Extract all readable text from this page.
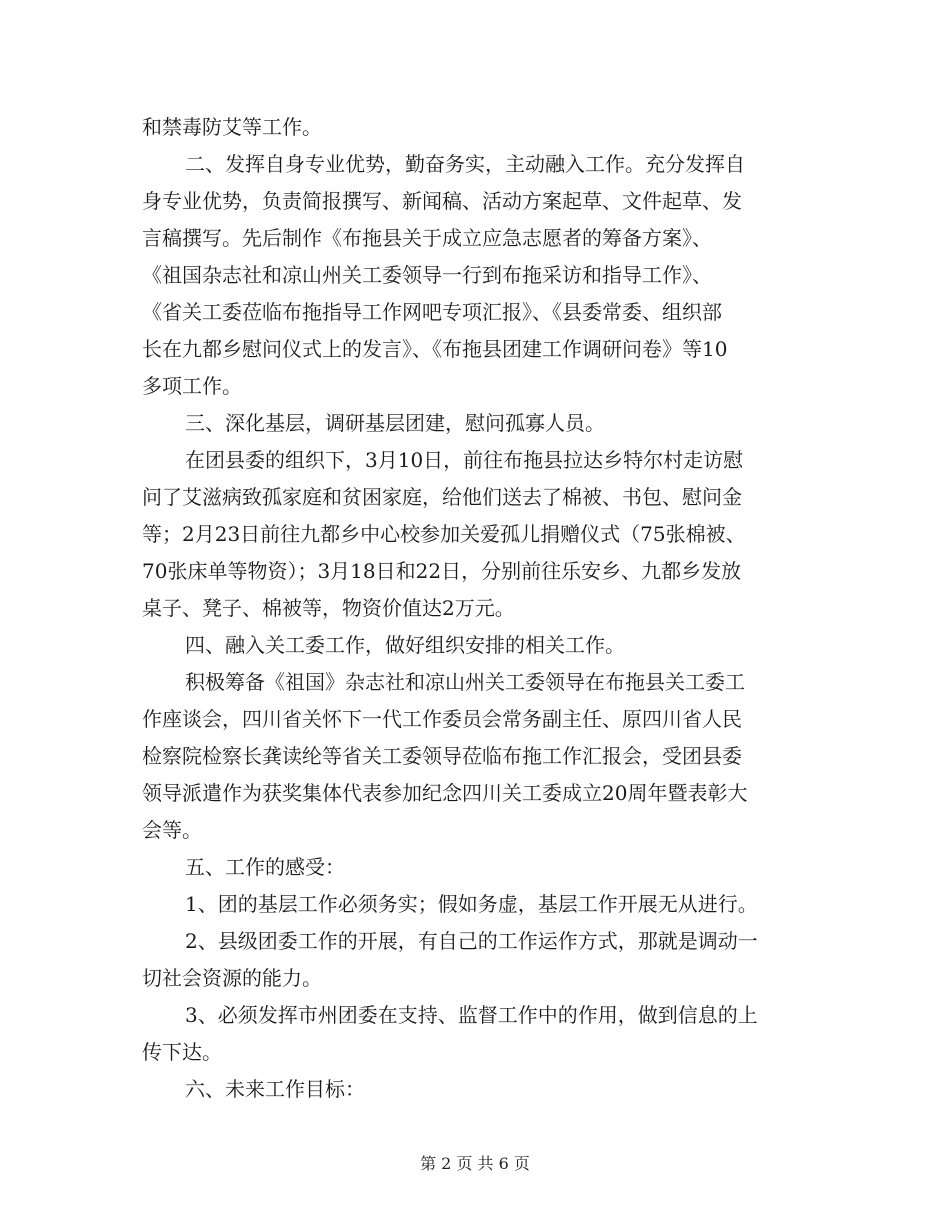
和禁毒防艾等工作。
二、发挥自身专业优势，勤奋务实，主动融入工作。充分发挥自
身专业优势，负责简报撰写、新闻稿、活动方案起草、文件起草、发
言稿撰写。先后制作《布拖县关于成立应急志愿者的筹备方案》、
《祖国杂志社和凉山州关工委领导一行到布拖采访和指导工作》、
《省关工委莅临布拖指导工作网吧专项汇报》、《县委常委、组织部
长在九都乡慰问仪式上的发言》、《布拖县团建工作调研问卷》等10
多项工作。
三、深化基层，调研基层团建，慰问孤寡人员。
在团县委的组织下，3月10日，前往布拖县拉达乡特尔村走访慰
问了艾滋病致孤家庭和贫困家庭，给他们送去了棉被、书包、慰问金
等；2月23日前往九都乡中心校参加关爱孤儿捐赠仪式（75张棉被、
70张床单等物资）；3月18日和22日，分别前往乐安乡、九都乡发放
桌子、凳子、棉被等，物资价值达2万元。
四、融入关工委工作，做好组织安排的相关工作。
积极筹备《祖国》杂志社和凉山州关工委领导在布拖县关工委工
作座谈会，四川省关怀下一代工作委员会常务副主任、原四川省人民
检察院检察长龚读纶等省关工委领导莅临布拖工作汇报会，受团县委
领导派遣作为获奖集体代表参加纪念四川关工委成立20周年暨表彰大
会等。
五、工作的感受：
1、团的基层工作必须务实；假如务虚，基层工作开展无从进行。
2、县级团委工作的开展，有自己的工作运作方式，那就是调动一
切社会资源的能力。
3、必须发挥市州团委在支持、监督工作中的作用，做到信息的上
传下达。
六、未来工作目标：
第 2 页 共 6 页
